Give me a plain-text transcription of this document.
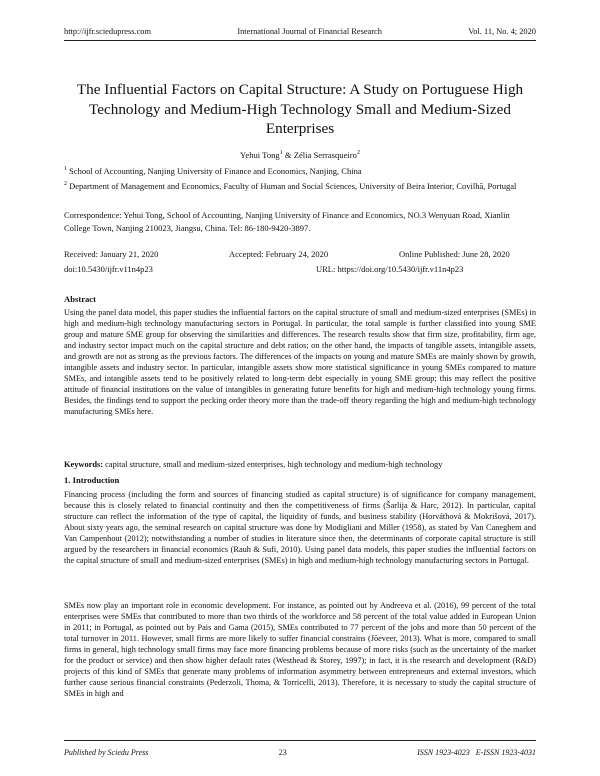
http://ijfr.sciedupress.com	International Journal of Financial Research	Vol. 11, No. 4; 2020
The Influential Factors on Capital Structure: A Study on Portuguese High Technology and Medium-High Technology Small and Medium-Sized Enterprises
Yehui Tong$^1$ & Zélia Serrasqueiro$^2$

$^1$ School of Accounting, Nanjing University of Finance and Economics, Nanjing, China

$^2$ Department of Management and Economics, Faculty of Human and Social Sciences, University of Beira Interior, Covilhã, Portugal

Correspondence: Yehui Tong, School of Accounting, Nanjing University of Finance and Economics, NO.3 Wenyuan Road, Xianlin College Town, Nanjing 210023, Jiangsu, China. Tel: 86-180-9420-3897.

Received: January 21, 2020	Accepted: February 24, 2020	Online Published: June 28, 2020
doi:10.5430/ijfr.v11n4p23	URL: https://doi.org/10.5430/ijfr.v11n4p23

Abstract

Using the panel data model, this paper studies the influential factors on the capital structure of small and medium-sized enterprises (SMEs) in high and medium-high technology manufacturing sectors in Portugal. In particular, the total sample is further classified into young SME group and mature SME group for observing the similarities and differences. The research results show that firm size, profitability, firm age, and industry sector impact much on the capital structure and debt ratios; on the other hand, the impacts of tangible assets, intangible assets, and growth are not as strong as the previous factors. The differences of the impacts on young and mature SMEs are mainly shown by growth, intangible assets and industry sector. In particular, intangible assets show more statistical significance in young SMEs compared to mature SMEs, and intangible assets tend to be positively related to long-term debt especially in young SME group; this may reflect the positive attitude of financial institutions on the value of intangibles in generating future benefits for high and medium-high technology young firms. Besides, the findings tend to support the pecking order theory more than the trade-off theory regarding the high and medium-high technology manufacturing SMEs here.

Keywords: capital structure, small and medium-sized enterprises, high technology and medium-high technology

1. Introduction

Financing process (including the form and sources of financing studied as capital structure) is of significance for company management, because this is closely related to financial continuity and then the competitiveness of firms (Šarlija & Harc, 2012). In particular, capital structure can reflect the information of the type of capital, the liquidity of funds, and business stability (Horváthová & Mokrišová, 2017). About sixty years ago, the seminal research on capital structure was done by Modigliani and Miller (1958), as stated by Van Caneghem and Van Campenhout (2012); notwithstanding a number of studies in literature since then, the determinants of corporate capital structure is still argued by the researchers in financial economics (Rauh & Sufi, 2010). Using panel data models, this paper studies the influential factors on the capital structure of small and medium-sized enterprises (SMEs) in high and medium-high technology manufacturing sectors in Portugal.

SMEs now play an important role in economic development. For instance, as pointed out by Andreeva et al. (2016), 99 percent of the total enterprises were SMEs that contributed to more than two thirds of the workforce and 58 percent of the total value added in European Union in 2011; in Portugal, as pointed out by Pais and Gama (2015), SMEs contributed to 77 percent of the jobs and more than 50 percent of the total turnover in 2011. However, small firms are more likely to suffer financial constrains (Jõeveer, 2013). What is more, compared to small firms in general, high technology small firms may face more financing problems because of more risks (such as the uncertainty of the market for the product or service) and then show higher default rates (Westhead & Storey, 1997); in fact, it is the research and development (R&D) projects of this kind of SMEs that generate many problems of information asymmetry between entrepreneurs and external investors, which further cause serious financial constraints (Pederzoli, Thoma, & Torricelli, 2013). Therefore, it is necessary to study the capital structure of SMEs in high and

Published by Sciedu Press	23	ISSN 1923-4023   E-ISSN 1923-4031
